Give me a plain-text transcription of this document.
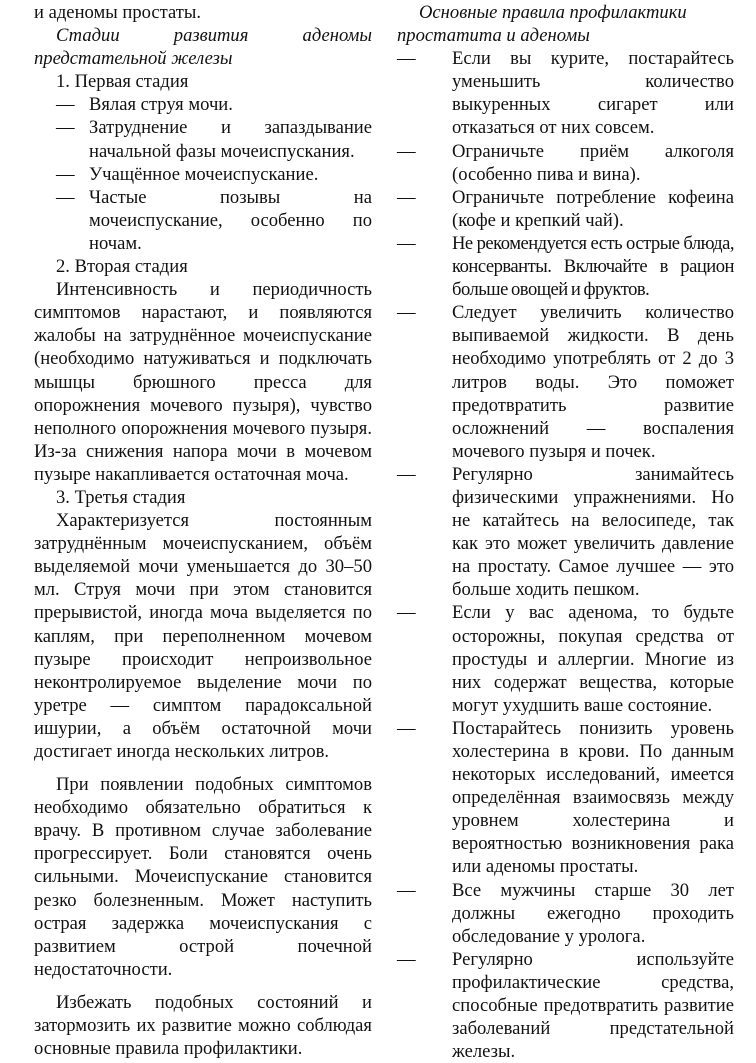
и аденомы простаты.

Стадии развития аденомы предстательной железы

1. Первая стадия

— Вялая струя мочи.
— Затруднение и запаздывание начальной фазы мочеиспускания.
— Учащённое мочеиспускание.
— Частые позывы на мочеиспускание, особенно по ночам.

2. Вторая стадия

Интенсивность и периодичность симптомов нарастают, и появляются жалобы на затруднённое мочеиспускание (необходимо натуживаться и подключать мышцы брюшного пресса для опорожнения мочевого пузыря), чувство неполного опорожнения мочевого пузыря. Из-за снижения напора мочи в мочевом пузыре накапливается остаточная моча.

3. Третья стадия

Характеризуется постоянным затруднённым мочеиспусканием, объём выделяемой мочи уменьшается до 30–50 мл. Струя мочи при этом становится прерывистой, иногда моча выделяется по каплям, при переполненном мочевом пузыре происходит непроизвольное неконтролируемое выделение мочи по уретре — симптом парадоксальной ишурии, а объём остаточной мочи достигает иногда нескольких литров.

При появлении подобных симптомов необходимо обязательно обратиться к врачу. В противном случае заболевание прогрессирует. Боли становятся очень сильными. Мочеиспускание становится резко болезненным. Может наступить острая задержка мочеиспускания с развитием острой почечной недостаточности.

Избежать подобных состояний и затормозить их развитие можно соблюдая основные правила профилактики.

Основные правила профилактики простатита и аденомы

— Если вы курите, постарайтесь уменьшить количество выкуренных сигарет или отказаться от них совсем.
— Ограничьте приём алкоголя (особенно пива и вина).
— Ограничьте потребление кофеина (кофе и крепкий чай).
— Не рекомендуется есть острые блюда, консерванты. Включайте в рацион больше овощей и фруктов.
— Следует увеличить количество выпиваемой жидкости. В день необходимо употреблять от 2 до 3 литров воды. Это поможет предотвратить развитие осложнений — воспаления мочевого пузыря и почек.
— Регулярно занимайтесь физическими упражнениями. Но не катайтесь на велосипеде, так как это может увеличить давление на простату. Самое лучшее — это больше ходить пешком.
— Если у вас аденома, то будьте осторожны, покупая средства от простуды и аллергии. Многие из них содержат вещества, которые могут ухудшить ваше состояние.
— Постарайтесь понизить уровень холестерина в крови. По данным некоторых исследований, имеется определённая взаимосвязь между уровнем холестерина и вероятностью возникновения рака или аденомы простаты.
— Все мужчины старше 30 лет должны ежегодно проходить обследование у уролога.
— Регулярно используйте профилактические средства, способные предотвратить развитие заболеваний предстательной железы.
